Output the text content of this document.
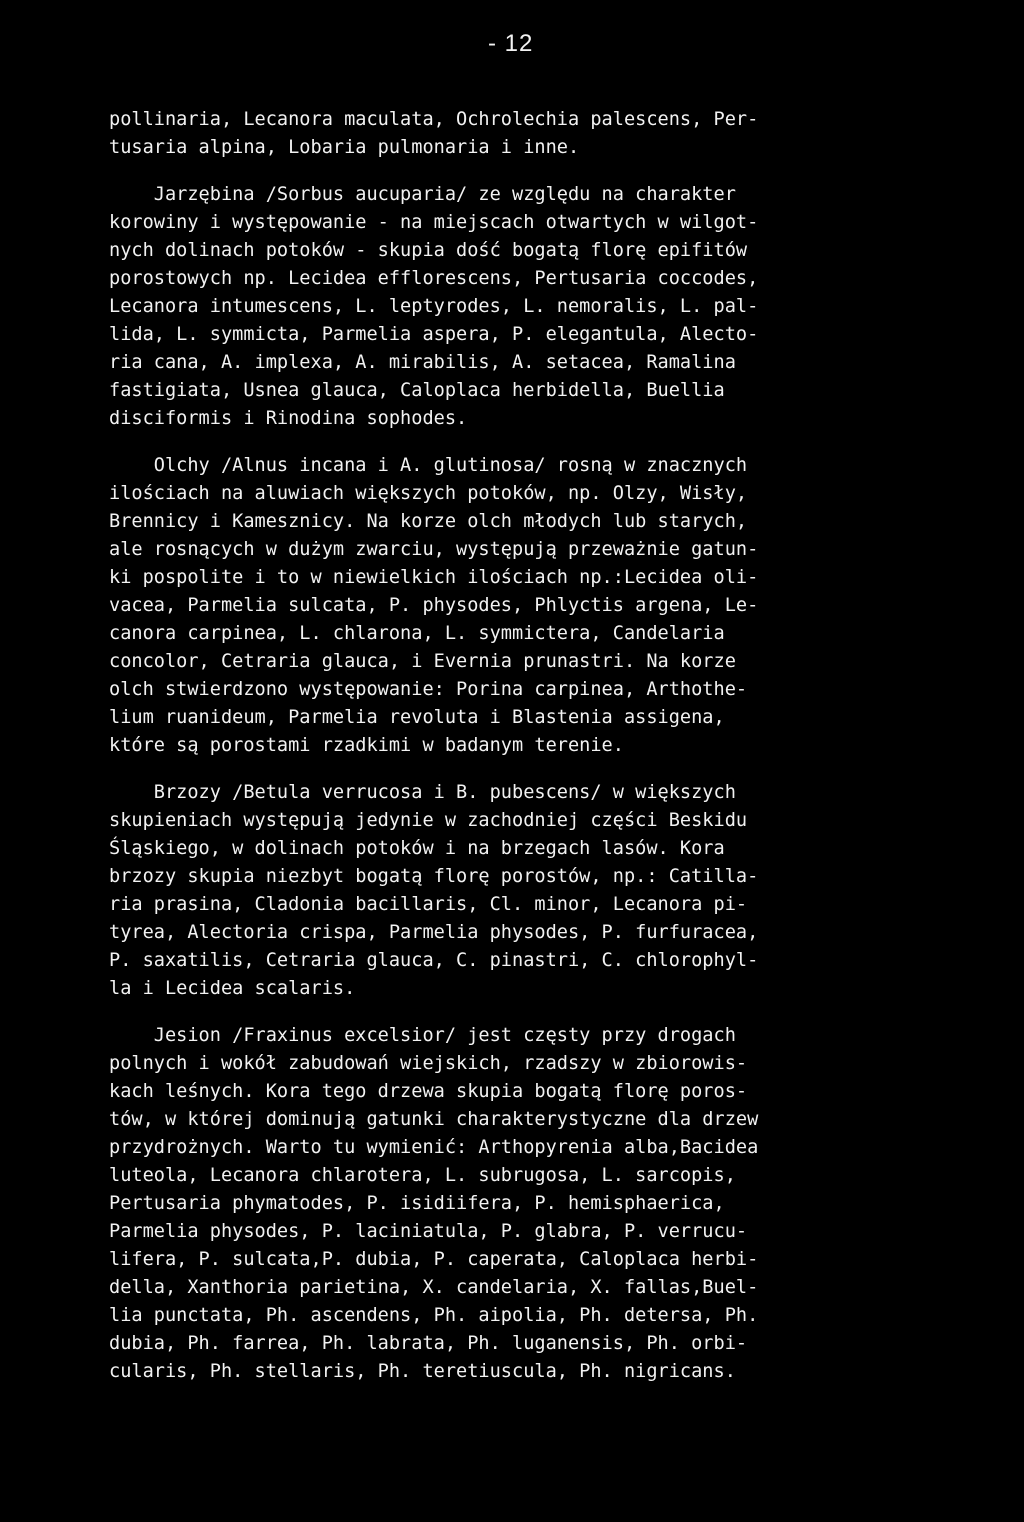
- 12

pollinaria, Lecanora maculata, Ochrolechia palescens, Per-
tusaria alpina, Lobaria pulmonaria i inne.
Jarzębina /Sorbus aucuparia/ ze względu na charakter
korowiny i występowanie - na miejscach otwartych w wilgot-
nych dolinach potoków - skupia dość bogatą florę epifitów
porostowych np. Lecidea efflorescens, Pertusaria coccodes,
Lecanora intumescens, L. leptyrodes, L. nemoralis, L. pal-
lida, L. symmicta, Parmelia aspera, P. elegantula, Alecto-
ria cana, A. implexa, A. mirabilis, A. setacea, Ramalina
fastigiata, Usnea glauca, Caloplaca herbidella, Buellia
disciformis i Rinodina sophodes.
Olchy /Alnus incana i A. glutinosa/ rosną w znacznych
ilościach na aluwiach większych potoków, np. Olzy, Wisły,
Brennicy i Kamesznicy. Na korze olch młodych lub starych,
ale rosnących w dużym zwarciu, występują przeważnie gatun-
ki pospolite i to w niewielkich ilościach np.:Lecidea oli-
vacea, Parmelia sulcata, P. physodes, Phlyctis argena, Le-
canora carpinea, L. chlarona, L. symmictera, Candelaria
concolor, Cetraria glauca, i Evernia prunastri. Na korze
olch stwierdzono występowanie: Porina carpinea, Arthothe-
lium ruanideum, Parmelia revoluta i Blastenia assigena,
które są porostami rzadkimi w badanym terenie.
Brzozy /Betula verrucosa i B. pubescens/ w większych
skupieniach występują jedynie w zachodniej części Beskidu
Śląskiego, w dolinach potoków i na brzegach lasów. Kora
brzozy skupia niezbyt bogatą florę porostów, np.: Catilla-
ria prasina, Cladonia bacillaris, Cl. minor, Lecanora pi-
tyrea, Alectoria crispa, Parmelia physodes, P. furfuracea,
P. saxatilis, Cetraria glauca, C. pinastri, C. chlorophyl-
la i Lecidea scalaris.
Jesion /Fraxinus excelsior/ jest częsty przy drogach
polnych i wokół zabudowań wiejskich, rzadszy w zbiorowis-
kach leśnych. Kora tego drzewa skupia bogatą florę poros-
tów, w której dominują gatunki charakterystyczne dla drzew
przydrożnych. Warto tu wymienić: Arthopyrenia alba,Bacidea
luteola, Lecanora chlarotera, L. subrugosa, L. sarcopis,
Pertusaria phymatodes, P. isidiifera, P. hemisphaerica,
Parmelia physodes, P. laciniatula, P. glabra, P. verrucu-
lifera, P. sulcata,P. dubia, P. caperata, Caloplaca herbi-
della, Xanthoria parietina, X. candelaria, X. fallas,Buel-
lia punctata, Ph. ascendens, Ph. aipolia, Ph. detersa, Ph.
dubia, Ph. farrea, Ph. labrata, Ph. luganensis, Ph. orbi-
cularis, Ph. stellaris, Ph. teretiuscula, Ph. nigricans.
